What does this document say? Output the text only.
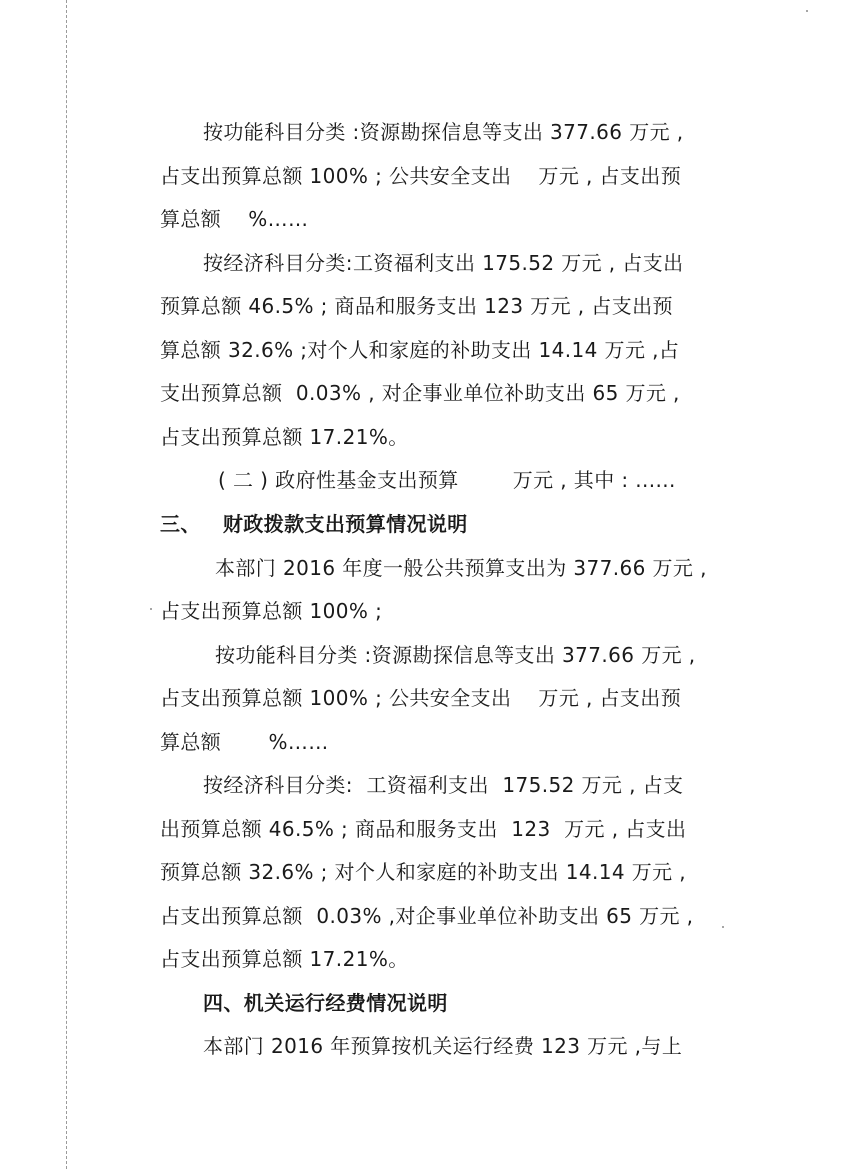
按功能科目分类 :资源勘探信息等支出 377.66 万元 ,
占支出预算总额 100% ; 公共安全支出    万元 , 占支出预
算总额    %……
按经济科目分类:工资福利支出 175.52 万元 , 占支出
预算总额 46.5% ; 商品和服务支出 123 万元 , 占支出预
算总额 32.6% ;对个人和家庭的补助支出 14.14 万元 ,占
支出预算总额  0.03% , 对企事业单位补助支出 65 万元 ,
占支出预算总额 17.21%。
( 二 ) 政府性基金支出预算        万元 , 其中 : ......
三、   财政拨款支出预算情况说明
本部门 2016 年度一般公共预算支出为 377.66 万元 ,
占支出预算总额 100% ;
按功能科目分类 :资源勘探信息等支出 377.66 万元 ,
占支出预算总额 100% ; 公共安全支出    万元 , 占支出预
算总额       %……
按经济科目分类:  工资福利支出  175.52 万元 , 占支
出预算总额 46.5% ; 商品和服务支出  123  万元 , 占支出
预算总额 32.6% ; 对个人和家庭的补助支出 14.14 万元 ,
占支出预算总额  0.03% ,对企事业单位补助支出 65 万元 ,
占支出预算总额 17.21%。
四、机关运行经费情况说明
本部门 2016 年预算按机关运行经费 123 万元 ,与上
